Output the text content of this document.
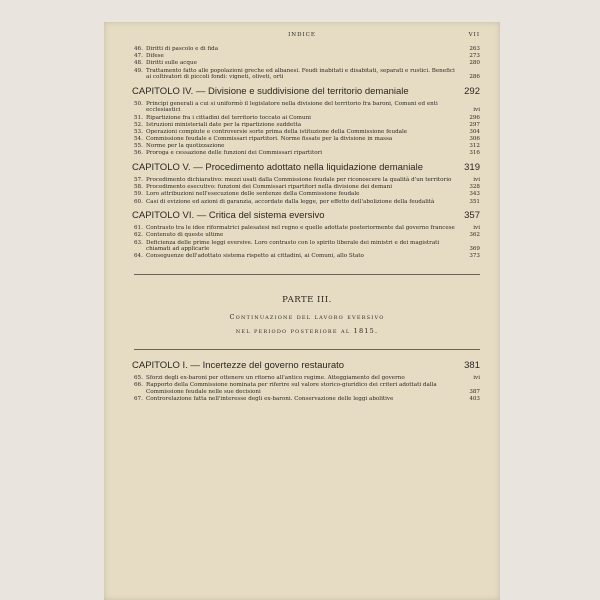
INDICE	VII
46. Diritti di pascolo e di fida	263
47. Difese	273
48. Diritti sulle acque	280
49. Trattamento fatto alle popolazioni greche ed albanesi. Feudi inabitati e disabitati, separati e rustici. Benefici ai coltivatori di piccoli fondi: vigneti, oliveti, orti	286
CAPITOLO IV. — Divisione e suddivisione del territorio demaniale	292
50. Principi generali a cui si uniformò il legislatore nella divisione del territorio fra baroni, Comuni ed enti ecclesiastici	ivi
51. Ripartizione fra i cittadini del territorio toccato ai Comuni	296
52. Istruzioni ministeriali date per la ripartizione suddetta	297
53. Operazioni compiute e controversie sorte prima della istituzione della Commissione feudale	304
54. Commissione feudale e Commissari ripartitori. Norme fissate per la divisione in massa	306
55. Norme per la quotizzazione	312
56. Proroga e cessazione delle funzioni dei Commissari ripartitori	316
CAPITOLO V. — Procedimento adottato nella liquidazione demaniale	319
57. Procedimento dichiarativo: mezzi usati dalla Commissione feudale per riconoscere la qualità d'un territorio	ivi
58. Procedimento esecutivo: funzioni dei Commissari ripartitori nella divisione dei demani	328
59. Loro attribuzioni nell'esecuzione delle sentenze della Commissione feudale	343
60. Casi di evizione ed azioni di garanzia, accordate dalla legge, per effetto dell'abolizione della feudalità	351
CAPITOLO VI. — Critica del sistema eversivo	357
61. Contrasto tra le idee riformatrici palesatesi nel regno e quelle adottate posteriormente dal governo francese	ivi
62. Contenuto di queste ultime	362
63. Deficienza delle prime leggi eversive. Loro contrasto con lo spirito liberale dei ministri e dei magistrati chiamati ad applicarle	369
64. Conseguenze dell'adottato sistema rispetto ai cittadini, ai Comuni, allo Stato	373
PARTE III.
Continuazione del lavoro eversivo
nel periodo posteriore al 1815.
CAPITOLO I. — Incertezze del governo restaurato	381
65. Sforzi degli ex-baroni per ottenere un ritorno all'antico regime. Atteggiamento del governo	ivi
66. Rapporto della Commissione nominata per riferire sul valore storico-giuridico dei criteri adottati dalla Commissione feudale nelle sue decisioni	387
67. Controrelazione fatta nell'interesse degli ex-baroni. Conservazione delle leggi abolitive	403
